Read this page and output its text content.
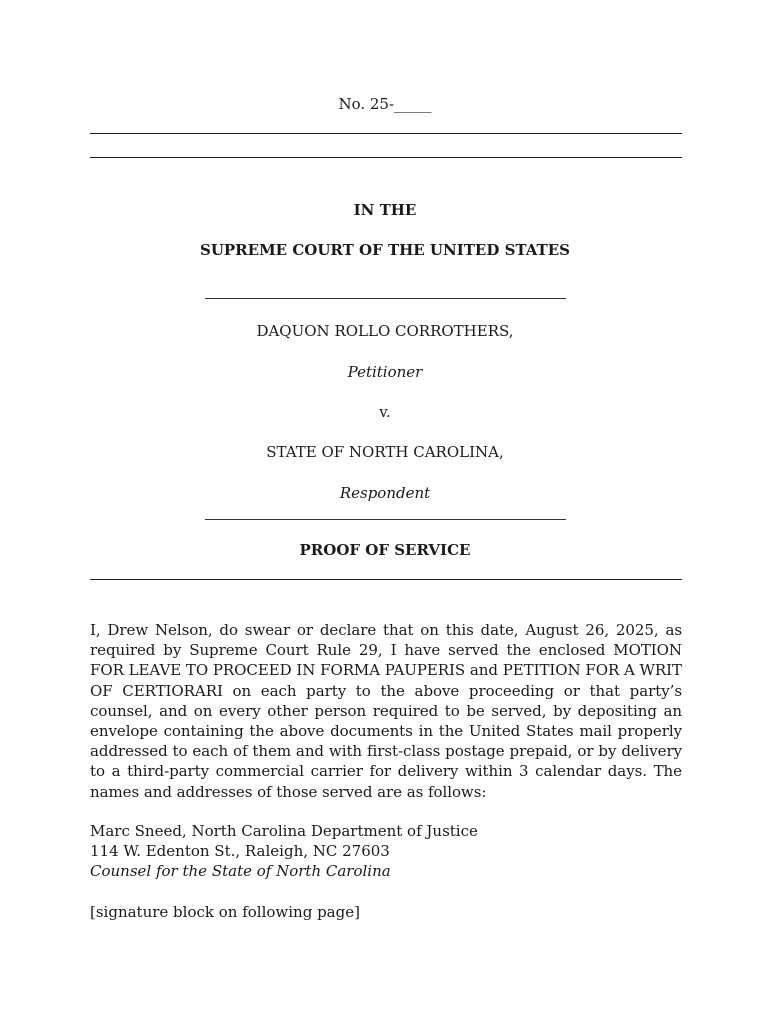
No. 25-_____
IN THE
SUPREME COURT OF THE UNITED STATES
DAQUON ROLLO CORROTHERS,
Petitioner
v.
STATE OF NORTH CAROLINA,
Respondent
PROOF OF SERVICE
I, Drew Nelson, do swear or declare that on this date, August 26, 2025, as required by Supreme Court Rule 29, I have served the enclosed MOTION FOR LEAVE TO PROCEED IN FORMA PAUPERIS and PETITION FOR A WRIT OF CERTIORARI on each party to the above proceeding or that party’s counsel, and on every other person required to be served, by depositing an envelope containing the above documents in the United States mail properly addressed to each of them and with first-class postage prepaid, or by delivery to a third-party commercial carrier for delivery within 3 calendar days. The names and addresses of those served are as follows:
Marc Sneed, North Carolina Department of Justice
114 W. Edenton St., Raleigh, NC 27603
Counsel for the State of North Carolina
[signature block on following page]
